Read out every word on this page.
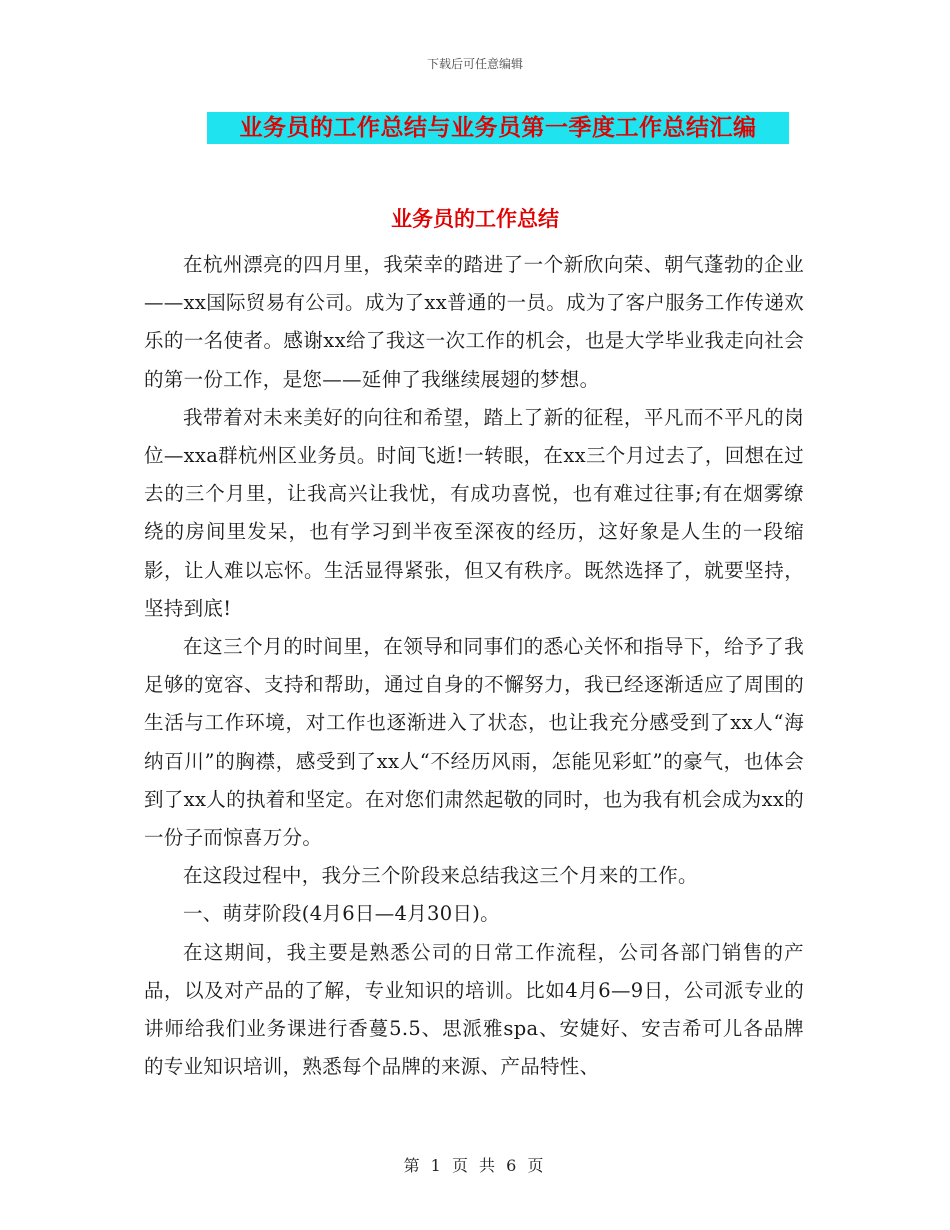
下载后可任意编辑
业务员的工作总结与业务员第一季度工作总结汇编
业务员的工作总结

在杭州漂亮的四月里，我荣幸的踏进了一个新欣向荣、朝气蓬勃的企业——xx国际贸易有公司。成为了xx普通的一员。成为了客户服务工作传递欢乐的一名使者。感谢xx给了我这一次工作的机会，也是大学毕业我走向社会的第一份工作，是您——延伸了我继续展翅的梦想。

我带着对未来美好的向往和希望，踏上了新的征程，平凡而不平凡的岗位—xxa群杭州区业务员。时间飞逝!一转眼，在xx三个月过去了，回想在过去的三个月里，让我高兴让我忧，有成功喜悦，也有难过往事;有在烟雾缭绕的房间里发呆，也有学习到半夜至深夜的经历，这好象是人生的一段缩影，让人难以忘怀。生活显得紧张，但又有秩序。既然选择了，就要坚持，坚持到底!

在这三个月的时间里，在领导和同事们的悉心关怀和指导下，给予了我足够的宽容、支持和帮助，通过自身的不懈努力，我已经逐渐适应了周围的生活与工作环境，对工作也逐渐进入了状态，也让我充分感受到了xx人“海纳百川”的胸襟，感受到了xx人“不经历风雨，怎能见彩虹”的豪气，也体会到了xx人的执着和坚定。在对您们肃然起敬的同时，也为我有机会成为xx的一份子而惊喜万分。

在这段过程中，我分三个阶段来总结我这三个月来的工作。

一、萌芽阶段(4月6日—4月30日)。

在这期间，我主要是熟悉公司的日常工作流程，公司各部门销售的产品，以及对产品的了解，专业知识的培训。比如4月6—9日，公司派专业的讲师给我们业务课进行香蔓5.5、思派雅spa、安婕好、安吉希可儿各品牌的专业知识培训，熟悉每个品牌的来源、产品特性、

第 1 页 共 6 页
